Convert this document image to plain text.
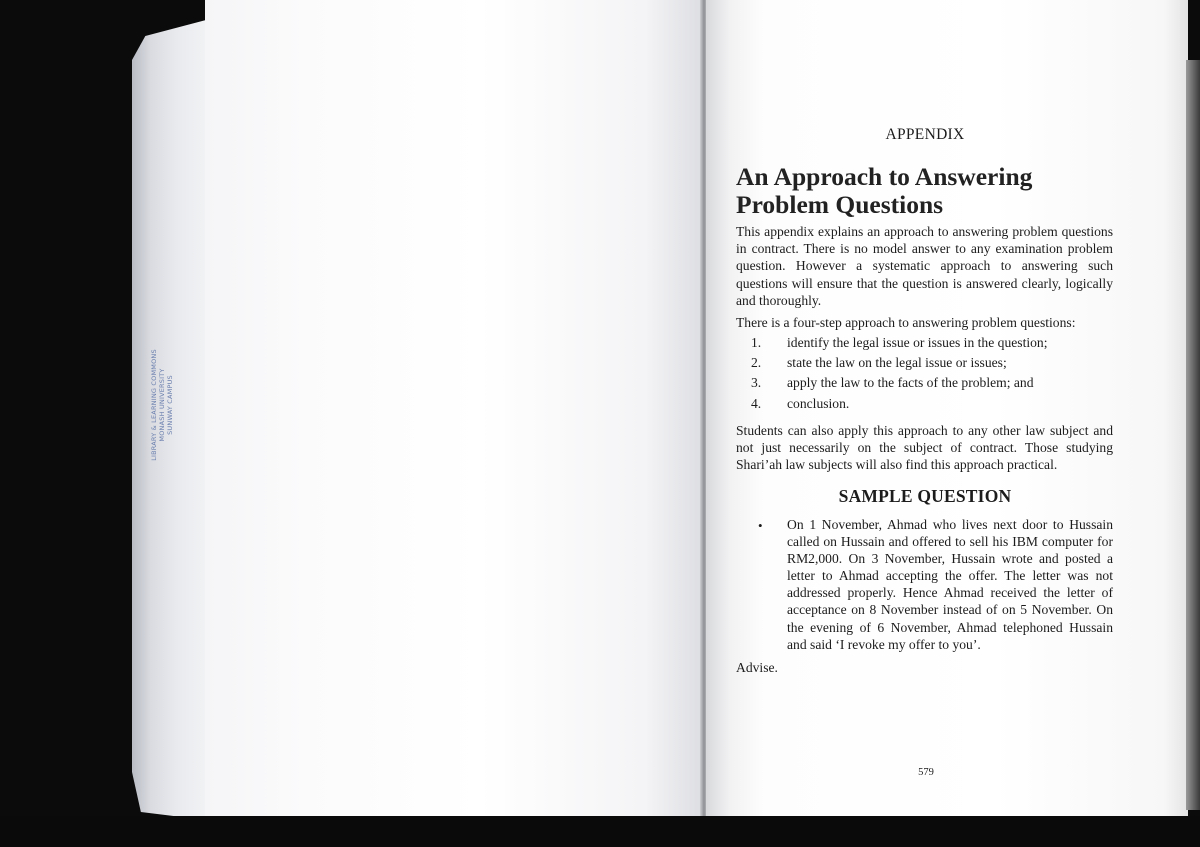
LIBRARY & LEARNING COMMONS MONASH UNIVERSITY SUNWAY CAMPUS
APPENDIX
An Approach to Answering
Problem Questions

This appendix explains an approach to answering problem questions in contract. There is no model answer to any examination problem question. However a systematic approach to answering such questions will ensure that the question is answered clearly, logically and thoroughly.

There is a four-step approach to answering problem questions:

1.	identify the legal issue or issues in the question;
2.	state the law on the legal issue or issues;
3.	apply the law to the facts of the problem; and
4.	conclusion.

Students can also apply this approach to any other law subject and not just necessarily on the subject of contract. Those studying Shari’ah law subjects will also find this approach practical.

SAMPLE QUESTION
• On 1 November, Ahmad who lives next door to Hussain called on Hussain and offered to sell his IBM computer for RM2,000. On 3 November, Hussain wrote and posted a letter to Ahmad accepting the offer. The letter was not addressed properly. Hence Ahmad received the letter of acceptance on 8 November instead of on 5 November. On the evening of 6 November, Ahmad telephoned Hussain and said ‘I revoke my offer to you’.

Advise.
579
